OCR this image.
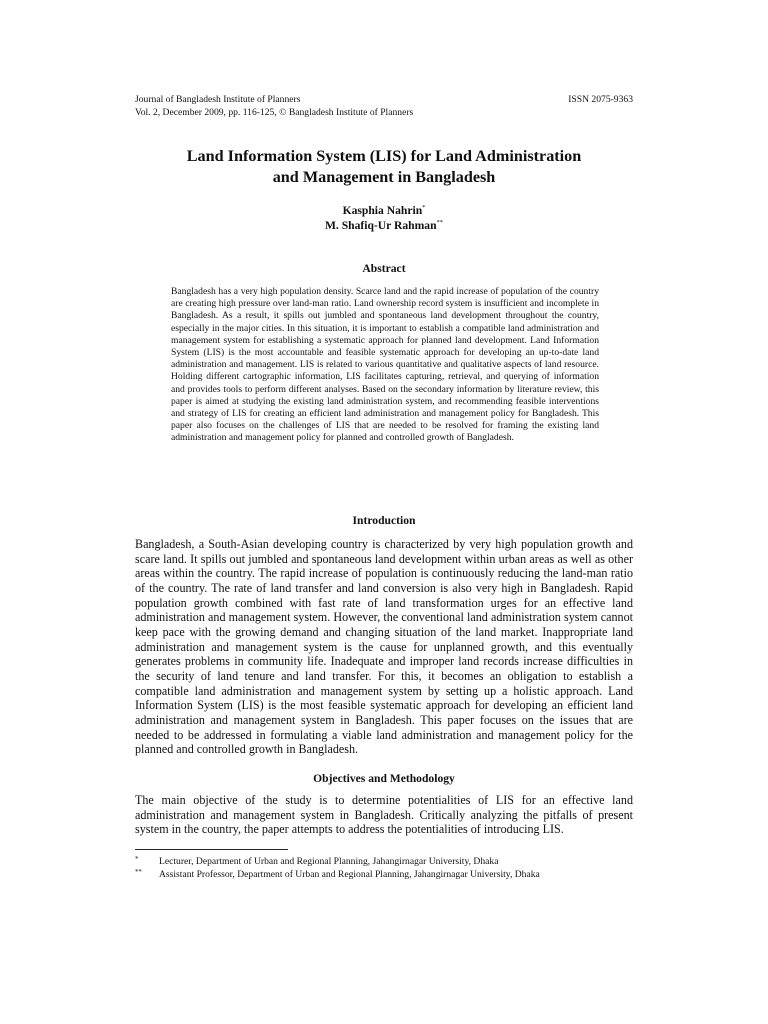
Journal of Bangladesh Institute of Planners
Vol. 2, December 2009, pp. 116-125, © Bangladesh Institute of Planners
ISSN 2075-9363
Land Information System (LIS) for Land Administration
and Management in Bangladesh
Kasphia Nahrin*
M. Shafiq-Ur Rahman**
Abstract
Bangladesh has a very high population density. Scarce land and the rapid increase of population of the country are creating high pressure over land-man ratio. Land ownership record system is insufficient and incomplete in Bangladesh. As a result, it spills out jumbled and spontaneous land development throughout the country, especially in the major cities. In this situation, it is important to establish a compatible land administration and management system for establishing a systematic approach for planned land development. Land Information System (LIS) is the most accountable and feasible systematic approach for developing an up-to-date land administration and management. LIS is related to various quantitative and qualitative aspects of land resource. Holding different cartographic information, LIS facilitates capturing, retrieval, and querying of information and provides tools to perform different analyses. Based on the secondary information by literature review, this paper is aimed at studying the existing land administration system, and recommending feasible interventions and strategy of LIS for creating an efficient land administration and management policy for Bangladesh. This paper also focuses on the challenges of LIS that are needed to be resolved for framing the existing land administration and management policy for planned and controlled growth of Bangladesh.
Introduction
Bangladesh, a South-Asian developing country is characterized by very high population growth and scare land. It spills out jumbled and spontaneous land development within urban areas as well as other areas within the country. The rapid increase of population is continuously reducing the land-man ratio of the country. The rate of land transfer and land conversion is also very high in Bangladesh. Rapid population growth combined with fast rate of land transformation urges for an effective land administration and management system. However, the conventional land administration system cannot keep pace with the growing demand and changing situation of the land market. Inappropriate land administration and management system is the cause for unplanned growth, and this eventually generates problems in community life. Inadequate and improper land records increase difficulties in the security of land tenure and land transfer. For this, it becomes an obligation to establish a compatible land administration and management system by setting up a holistic approach. Land Information System (LIS) is the most feasible systematic approach for developing an efficient land administration and management system in Bangladesh. This paper focuses on the issues that are needed to be addressed in formulating a viable land administration and management policy for the planned and controlled growth in Bangladesh.
Objectives and Methodology
The main objective of the study is to determine potentialities of LIS for an effective land administration and management system in Bangladesh. Critically analyzing the pitfalls of present system in the country, the paper attempts to address the potentialities of introducing LIS.
* Lecturer, Department of Urban and Regional Planning, Jahangirnagar University, Dhaka
** Assistant Professor, Department of Urban and Regional Planning, Jahangirnagar University, Dhaka
